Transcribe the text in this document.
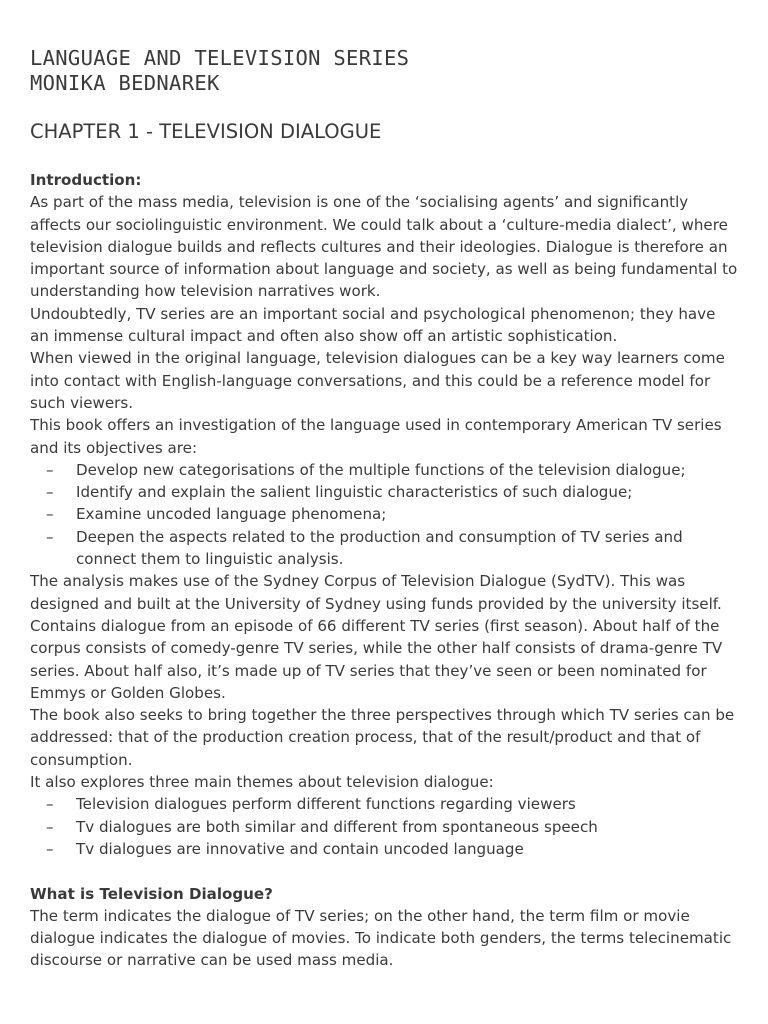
LANGUAGE AND TELEVISION SERIES
MONIKA BEDNAREK
CHAPTER 1 - TELEVISION DIALOGUE

Introduction:

As part of the mass media, television is one of the ‘socialising agents’ and significantly affects our sociolinguistic environment. We could talk about a ‘culture-media dialect’, where television dialogue builds and reflects cultures and their ideologies. Dialogue is therefore an important source of information about language and society, as well as being fundamental to understanding how television narratives work.

Undoubtedly, TV series are an important social and psychological phenomenon; they have an immense cultural impact and often also show off an artistic sophistication.

When viewed in the original language, television dialogues can be a key way learners come into contact with English-language conversations, and this could be a reference model for such viewers.

This book offers an investigation of the language used in contemporary American TV series and its objectives are:

– Develop new categorisations of the multiple functions of the television dialogue;
– Identify and explain the salient linguistic characteristics of such dialogue;
– Examine uncoded language phenomena;
– Deepen the aspects related to the production and consumption of TV series and connect them to linguistic analysis.

The analysis makes use of the Sydney Corpus of Television Dialogue (SydTV). This was designed and built at the University of Sydney using funds provided by the university itself. Contains dialogue from an episode of 66 different TV series (first season). About half of the corpus consists of comedy-genre TV series, while the other half consists of drama-genre TV series. About half also, it’s made up of TV series that they’ve seen or been nominated for Emmys or Golden Globes.

The book also seeks to bring together the three perspectives through which TV series can be addressed: that of the production creation process, that of the result/product and that of consumption.

It also explores three main themes about television dialogue:

– Television dialogues perform different functions regarding viewers
– Tv dialogues are both similar and different from spontaneous speech
– Tv dialogues are innovative and contain uncoded language

What is Television Dialogue?

The term indicates the dialogue of TV series; on the other hand, the term film or movie dialogue indicates the dialogue of movies. To indicate both genders, the terms telecinematic discourse or narrative can be used mass media.
